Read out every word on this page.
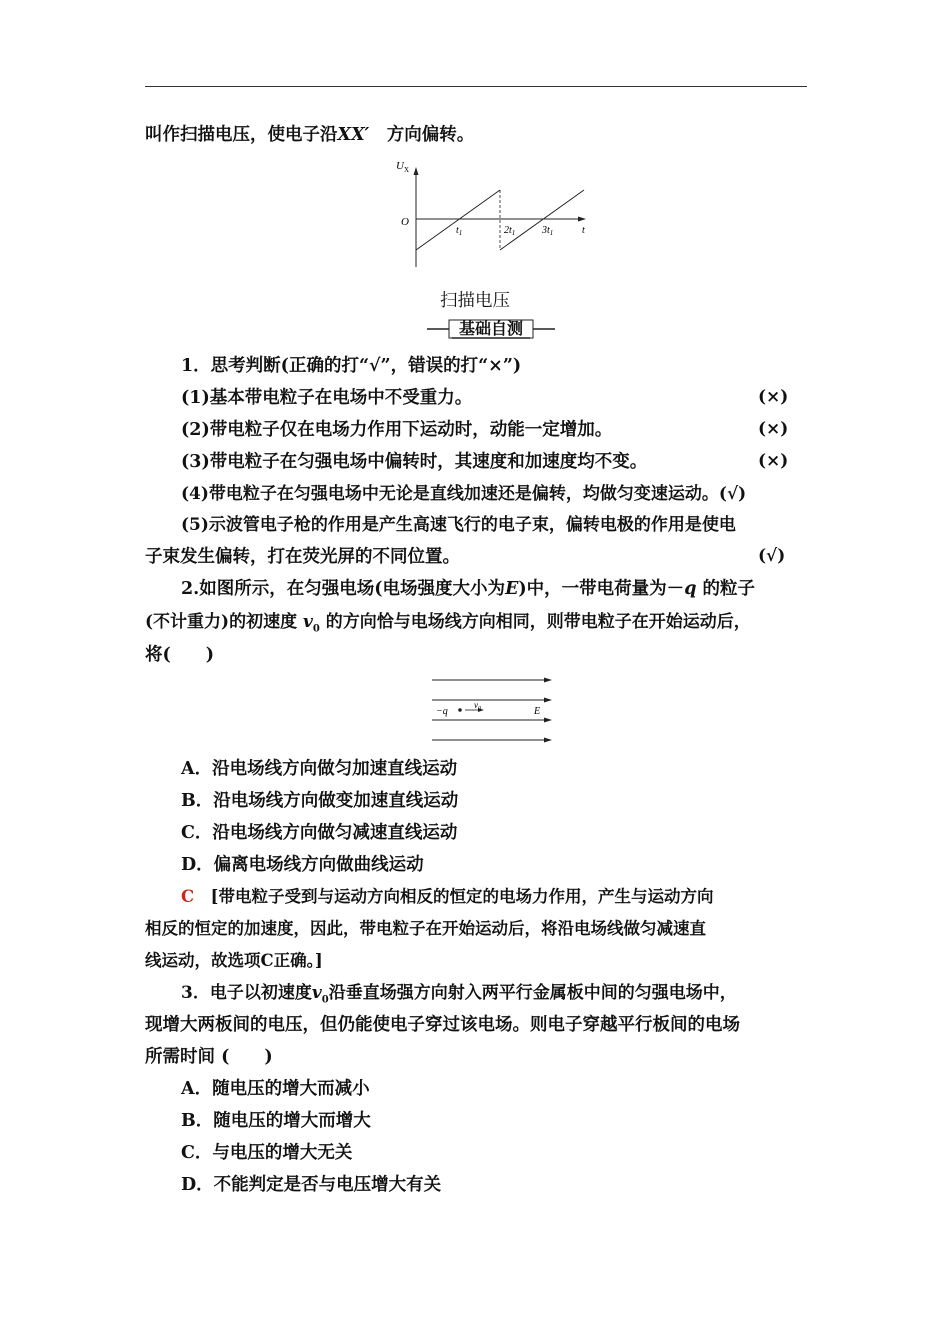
叫作扫描电压，使电子沿XX′　 方向偏转。
$U_X$
O
$t_1$	$2t_1$	$3t_1$	t
扫描电压
基础自测
1．思考判断(正确的打“√”，错误的打“×”)
(1)基本带电粒子在电场中不受重力。	(×)
(2)带电粒子仅在电场力作用下运动时，动能一定增加。	(×)
(3)带电粒子在匀强电场中偏转时，其速度和加速度均不变。	(×)
(4)带电粒子在匀强电场中无论是直线加速还是偏转，均做匀变速运动。(√)
(5)示波管电子枪的作用是产生高速飞行的电子束，偏转电极的作用是使电
子束发生偏转，打在荧光屏的不同位置。	(√)
2.如图所示，在匀强电场(电场强度大小为E)中，一带电荷量为－q 的粒子
(不计重力)的初速度 $v_0$ 的方向恰与电场线方向相同，则带电粒子在开始运动后，
将(　　)
−q
$v_0$	E
A．沿电场线方向做匀加速直线运动
B．沿电场线方向做变加速直线运动
C．沿电场线方向做匀减速直线运动
D．偏离电场线方向做曲线运动
C　 [带电粒子受到与运动方向相反的恒定的电场力作用，产生与运动方向
相反的恒定的加速度，因此，带电粒子在开始运动后，将沿电场线做匀减速直
线运动，故选项C正确。]
3．电子以初速度$v_0$沿垂直场强方向射入两平行金属板中间的匀强电场中，
现增大两板间的电压，但仍能使电子穿过该电场。则电子穿越平行板间的电场
所需时间 (　　)
A．随电压的增大而减小
B．随电压的增大而增大
C．与电压的增大无关
D．不能判定是否与电压增大有关
